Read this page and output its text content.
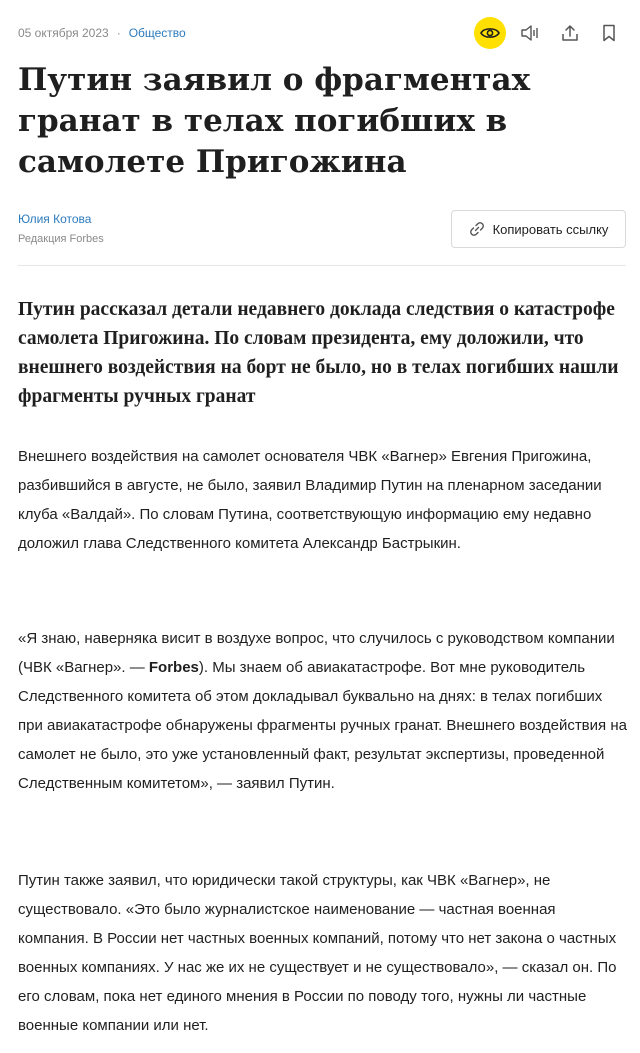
05 октября 2023 · Общество
Путин заявил о фрагментах гранат в телах погибших в самолете Пригожина
Юлия Котова
Редакция Forbes
Копировать ссылку

Путин рассказал детали недавнего доклада следствия о катастрофе самолета Пригожина. По словам президента, ему доложили, что внешнего воздействия на борт не было, но в телах погибших нашли фрагменты ручных гранат

Внешнего воздействия на самолет основателя ЧВК «Вагнер» Евгения Пригожина, разбившийся в августе, не было, заявил Владимир Путин на пленарном заседании клуба «Валдай». По словам Путина, соответствующую информацию ему недавно доложил глава Следственного комитета Александр Бастрыкин.

«Я знаю, наверняка висит в воздухе вопрос, что случилось с руководством компании (ЧВК «Вагнер». — Forbes). Мы знаем об авиакатастрофе. Вот мне руководитель Следственного комитета об этом докладывал буквально на днях: в телах погибших при авиакатастрофе обнаружены фрагменты ручных гранат. Внешнего воздействия на самолет не было, это уже установленный факт, результат экспертизы, проведенной Следственным комитетом», — заявил Путин.

Путин также заявил, что юридически такой структуры, как ЧВК «Вагнер», не существовало. «Это было журналистское наименование — частная военная компания. В России нет частных военных компаний, потому что нет закона о частных военных компаниях. У нас же их не существует и не существовало», — сказал он. По его словам, пока нет единого мнения в России по поводу того, нужны ли частные военные компании или нет.
